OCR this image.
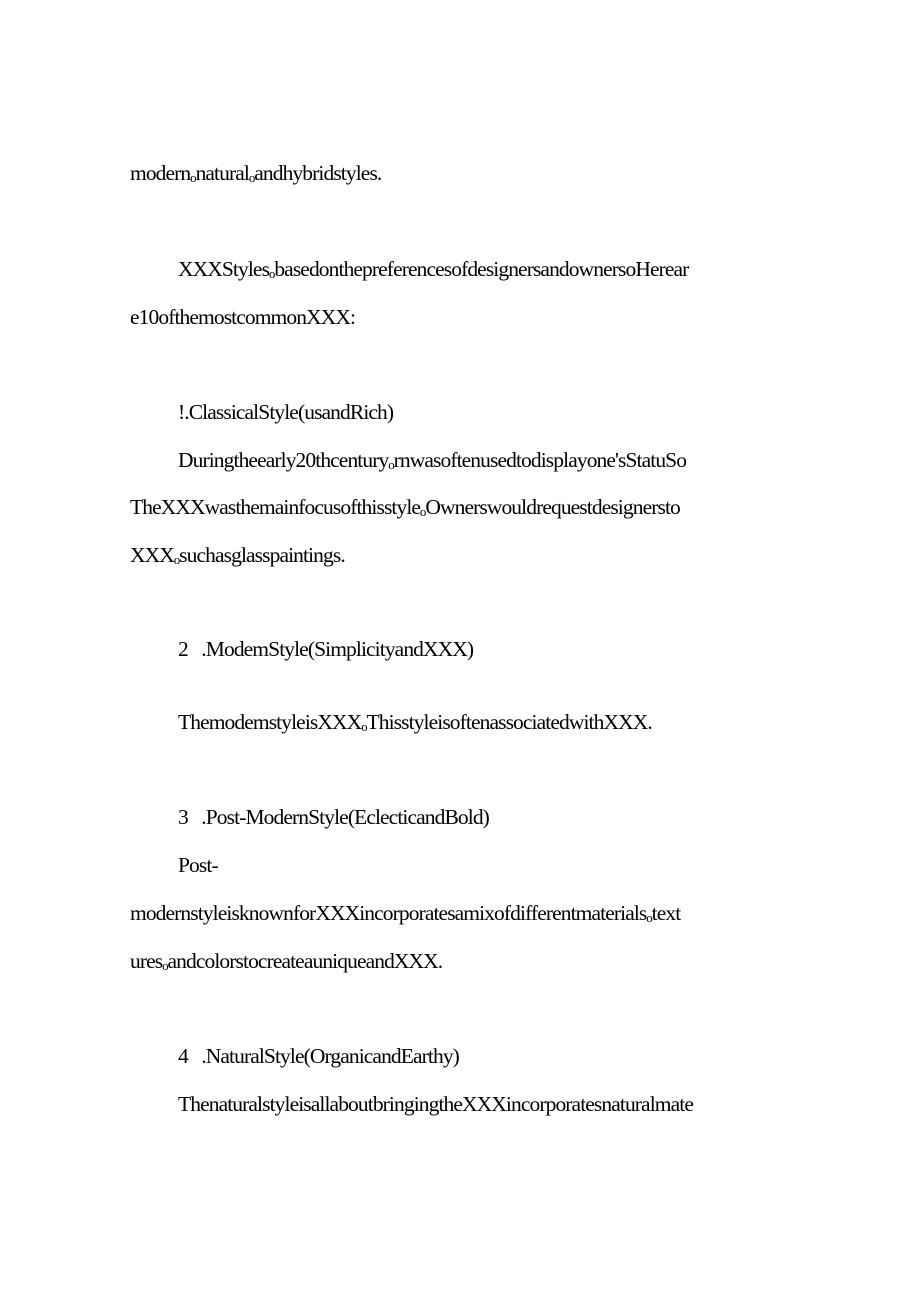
modernₒnaturalₒandhybridstyles.
XXXStylesₒbasedonthepreferencesofdesignersandownersoHerear
e10ofthemostcommonXXX:
!.ClassicalStyle(usandRich)
Duringtheearly20thcenturyₒrnwasoftenusedtodisplayone'sStatuSo
TheXXXwasthemainfocusofthisstyleₒOwnerswouldrequestdesignersto
XXXₒsuchasglasspaintings.
2   .ModemStyle(SimplicityandXXX)
ThemodemstyleisXXXₒThisstyleisoftenassociatedwithXXX.
3   .Post-ModernStyle(EclecticandBold)
Post-
modernstyleisknownforXXXincorporatesamixofdifferentmaterialsₒtext
uresₒandcolorstocreateauniqueandXXX.
4   .NaturalStyle(OrganicandEarthy)
ThenaturalstyleisallaboutbringingtheXXXincorporatesnaturalmate
